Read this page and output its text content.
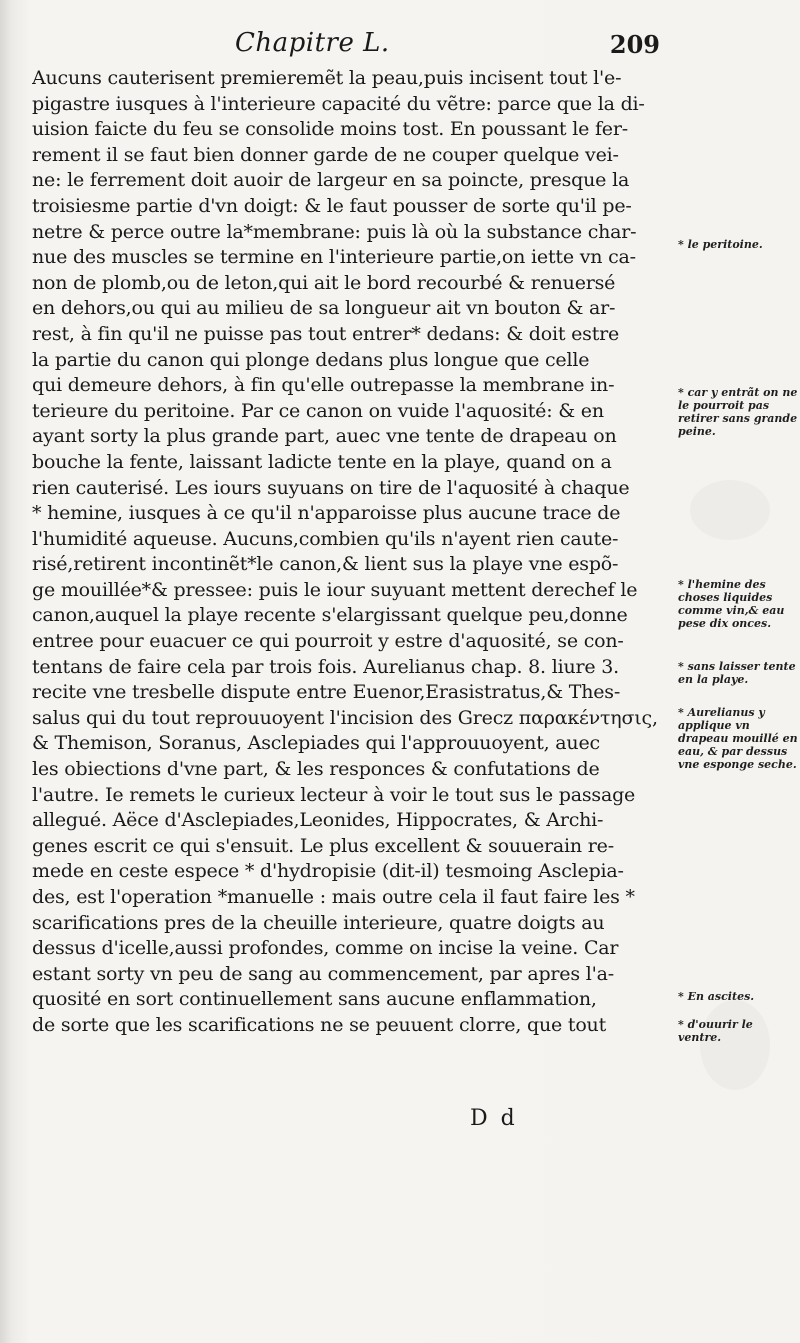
Chapitre L.	209
Aucuns cauterisent premieremẽt la peau,puis incisent tout l'e-
pigastre iusques à l'interieure capacité du vẽtre: parce que la di-
uision faicte du feu se consolide moins tost. En poussant le fer-
rement il se faut bien donner garde de ne couper quelque vei-
ne: le ferrement doit auoir de largeur en sa poincte, presque la
troisiesme partie d'vn doigt: & le faut pousser de sorte qu'il pe-
netre & perce outre la*membrane: puis là où la substance char-
nue des muscles se termine en l'interieure partie,on iette vn ca-
non de plomb,ou de leton,qui ait le bord recourbé & renuersé
en dehors,ou qui au milieu de sa longueur ait vn bouton & ar-
rest, à fin qu'il ne puisse pas tout entrer* dedans: & doit estre
la partie du canon qui plonge dedans plus longue que celle
qui demeure dehors, à fin qu'elle outrepasse la membrane in-
terieure du peritoine. Par ce canon on vuide l'aquosité: & en
ayant sorty la plus grande part, auec vne tente de drapeau on
bouche la fente, laissant ladicte tente en la playe, quand on a
rien cauterisé. Les iours suyuans on tire de l'aquosité à chaque
* hemine, iusques à ce qu'il n'apparoisse plus aucune trace de
l'humidité aqueuse. Aucuns,combien qu'ils n'ayent rien caute-
risé,retirent incontinẽt*le canon,& lient sus la playe vne espõ-
ge mouillée*& pressee: puis le iour suyuant mettent derechef le
canon,auquel la playe recente s'elargissant quelque peu,donne
entree pour euacuer ce qui pourroit y estre d'aquosité, se con-
tentans de faire cela par trois fois. Aurelianus chap. 8. liure 3.
recite vne tresbelle dispute entre Euenor,Erasistratus,& Thes-
salus qui du tout reprouuoyent l'incision des Grecz παρακέντησις,
& Themison, Soranus, Asclepiades qui l'approuuoyent, auec
les obiections d'vne part, & les responces & confutations de
l'autre. Ie remets le curieux lecteur à voir le tout sus le passage
allegué. Aëce d'Asclepiades,Leonides, Hippocrates, & Archi-
genes escrit ce qui s'ensuit. Le plus excellent & souuerain re-
mede en ceste espece * d'hydropisie (dit-il) tesmoing Asclepia-
des, est l'operation *manuelle : mais outre cela il faut faire les *
scarifications pres de la cheuille interieure, quatre doigts au
dessus d'icelle,aussi profondes, comme on incise la veine. Car
estant sorty vn peu de sang au commencement, par apres l'a-
quosité en sort continuellement sans aucune enflammation,
de sorte que les scarifications ne se peuuent clorre, que tout
D d
* le peritoine.
* car y entrãt on ne le pourroit pas retirer sans grande peine.
* l'hemine des choses liquides comme vin,& eau pese dix onces.
* sans laisser tente en la playe.
* Aurelianus y applique vn drapeau mouillé en eau, & par dessus vne esponge seche.
* En ascites.
* d'ouurir le ventre.
